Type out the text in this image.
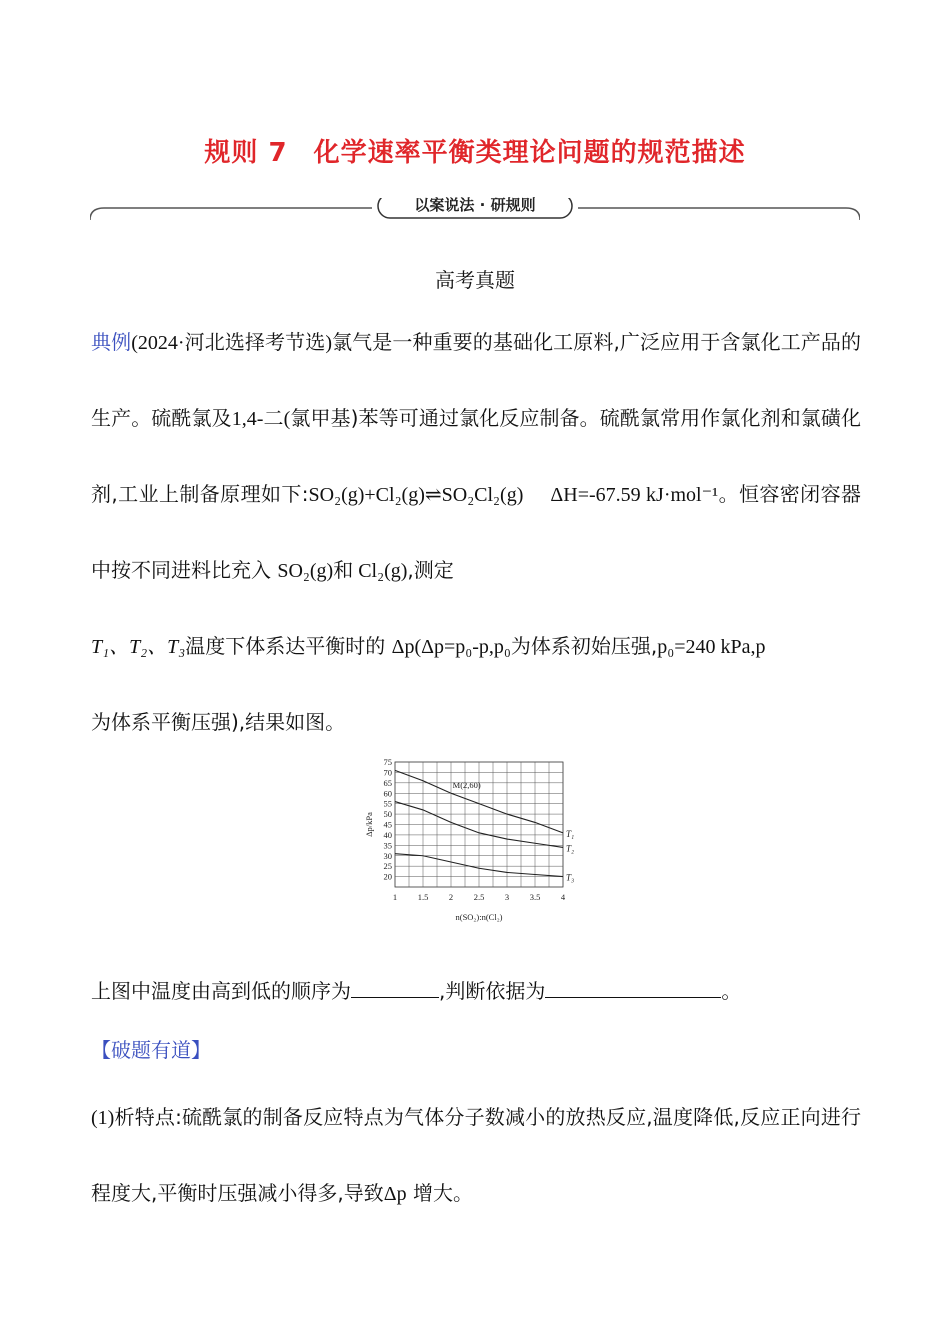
规则 7 化学速率平衡类理论问题的规范描述
以案说法 · 研规则
高考真题
典例(2024·河北选择考节选)氯气是一种重要的基础化工原料,广泛应用于含氯化工产品的生产。硫酰氯及1,4-二(氯甲基)苯等可通过氯化反应制备。硫酰氯常用作氯化剂和氯磺化剂,工业上制备原理如下:SO₂(g)+Cl₂(g)⇌SO₂Cl₂(g) ΔH=-67.59 kJ·mol⁻¹。恒容密闭容器中按不同进料比充入 SO₂(g)和 Cl₂(g),测定
T₁、T₂、T₃温度下体系达平衡时的 Δp(Δp=p₀-p,p₀为体系初始压强,p₀=240 kPa,p
为体系平衡压强),结果如图。
20
25
30
35
40
45
50
55
60
65
70
75
1 1.5 2 2.5 3 3.5 4
n(SO₂):n(Cl₂)
Δp/kPa	T₁
T₂
T₃
M(2,60)
上图中温度由高到低的顺序为	,判断依据为	。
【破题有道】
(1)析特点:硫酰氯的制备反应特点为气体分子数减小的放热反应,温度降低,反应正向进行程度大,平衡时压强减小得多,导致Δp 增大。
